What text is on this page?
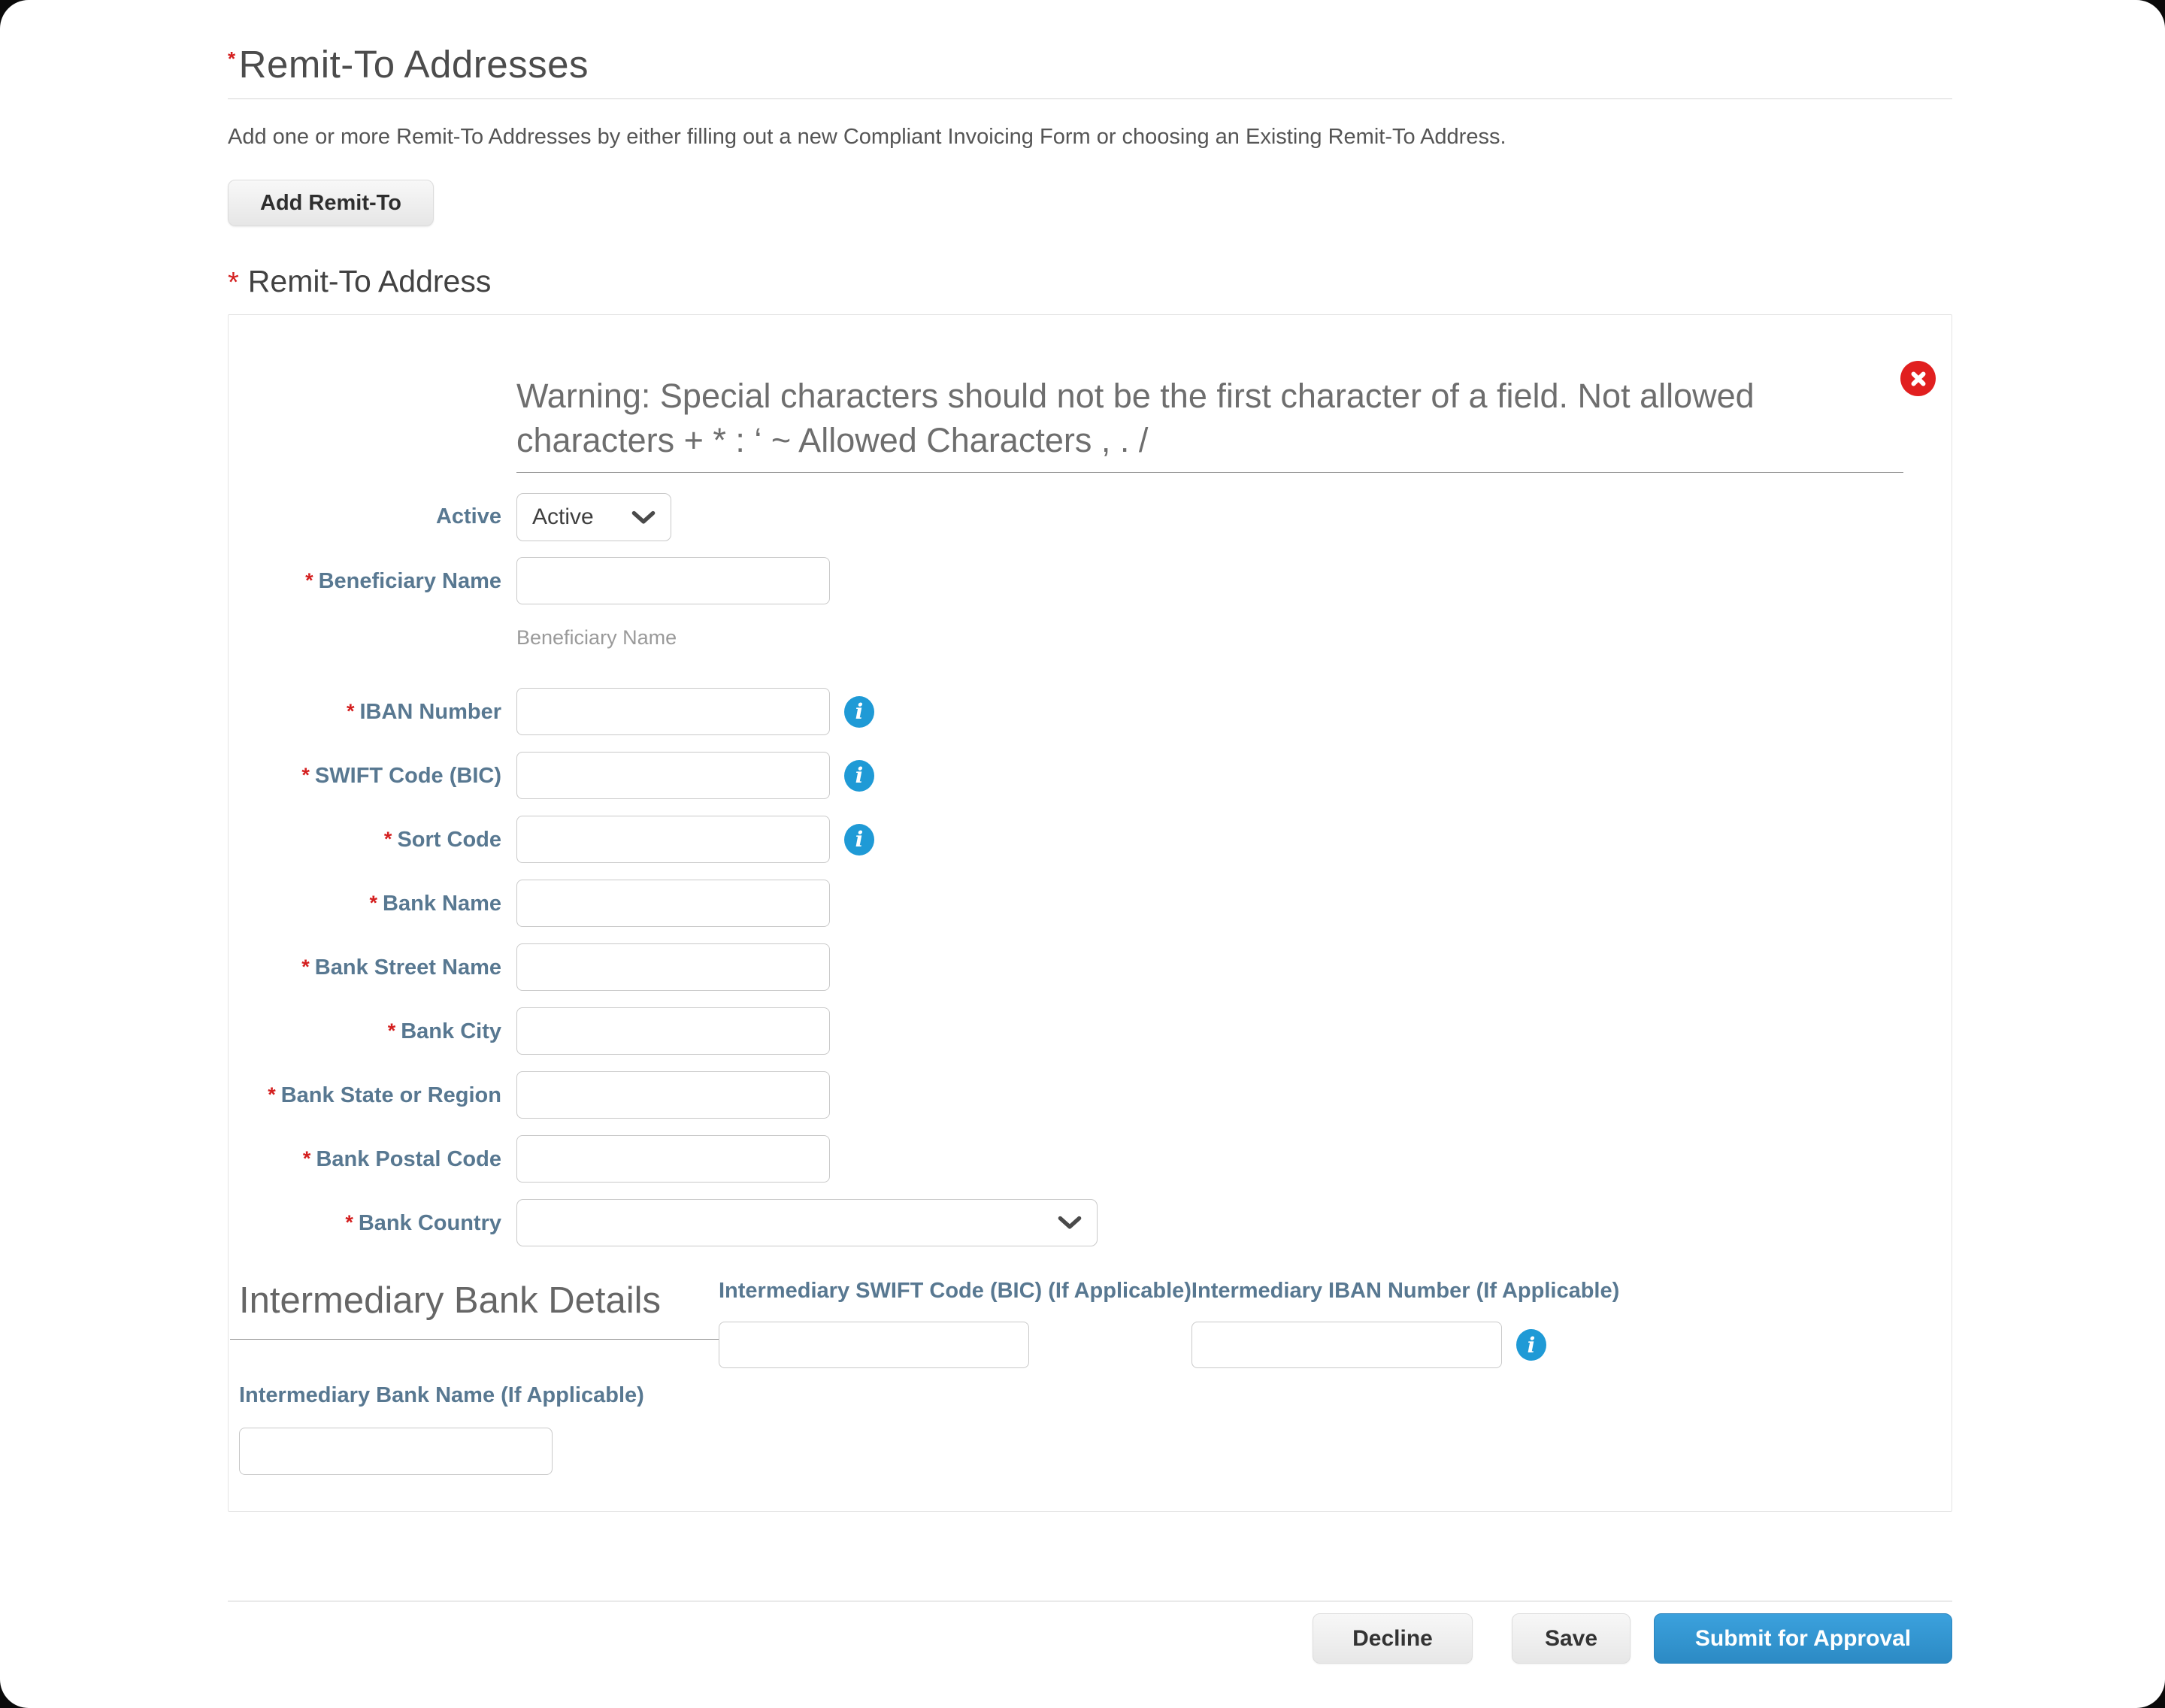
*Remit-To Addresses
Add one or more Remit-To Addresses by either filling out a new Compliant Invoicing Form or choosing an Existing Remit-To Address.
Add Remit-To
* Remit-To Address
Warning: Special characters should not be the first character of a field. Not allowed characters + * : ‘ ~ Allowed Characters , . /
Active Active
* Beneficiary Name
Beneficiary Name
* IBAN Number	i
* SWIFT Code (BIC)	i
* Sort Code	i
* Bank Name
* Bank Street Name
* Bank City
* Bank State or Region
* Bank Postal Code
* Bank Country
Intermediary Bank Details	Intermediary SWIFT Code (BIC) (If Applicable) Intermediary IBAN Number (If Applicable)
i
Intermediary Bank Name (If Applicable)
Decline	Save	Submit for Approval
